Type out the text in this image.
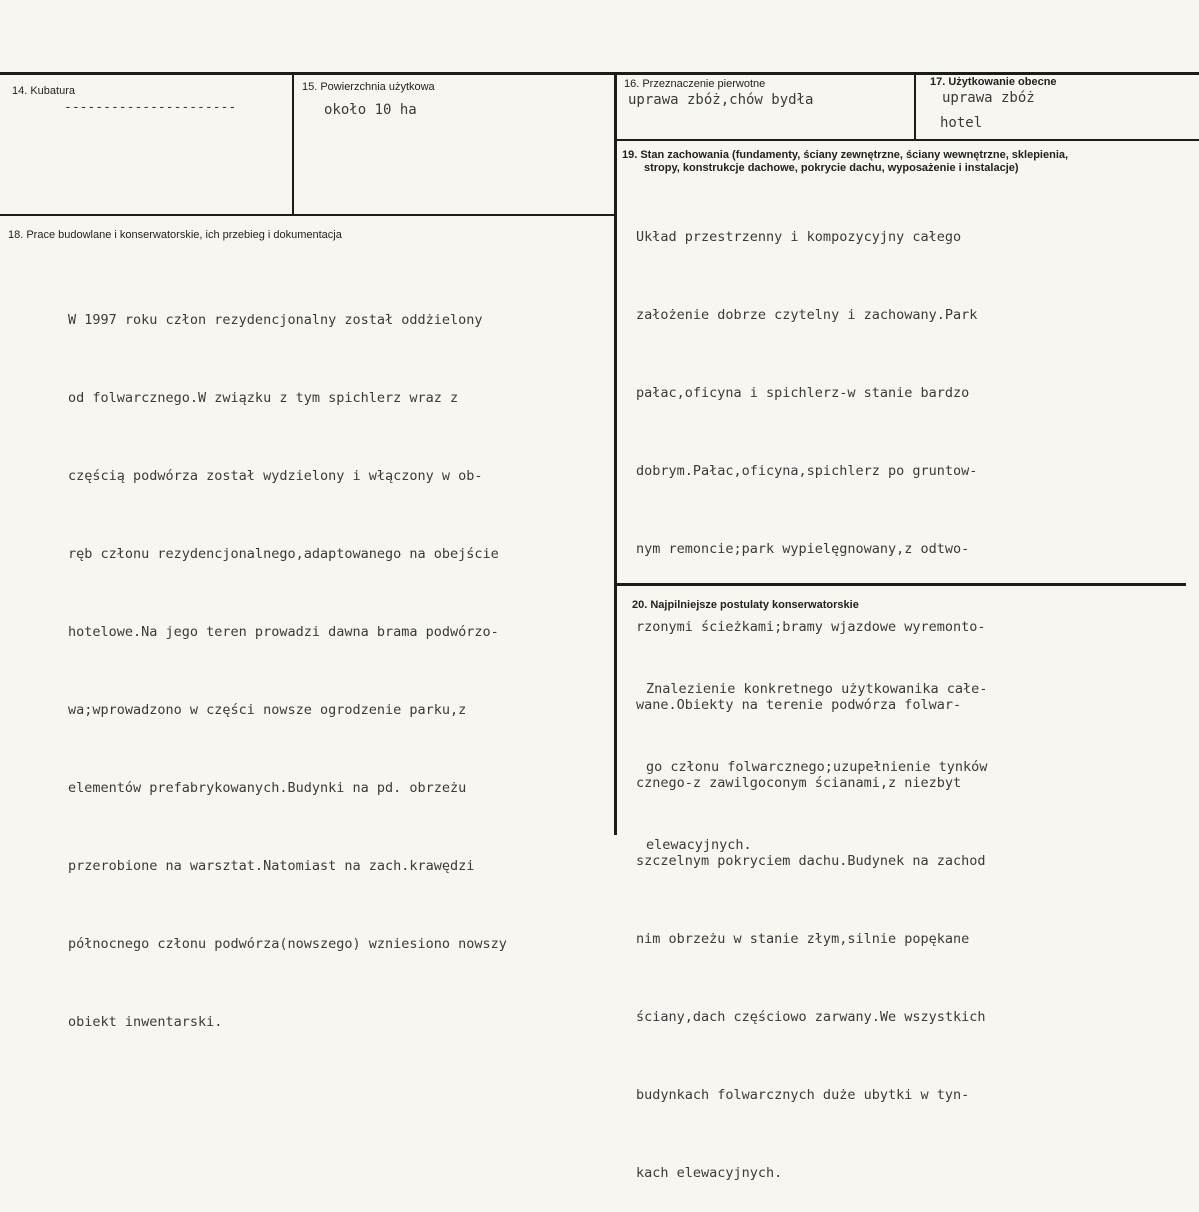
14. Kubatura
----------------------
15. Powierzchnia użytkowa
około 10 ha
16. Przeznaczenie pierwotne
uprawa zbóż,chów bydła
17. Użytkowanie obecne
uprawa zbóż
hotel
18. Prace budowlane i konserwatorskie, ich przebieg i dokumentacja

W 1997 roku człon rezydencjonalny został oddżielony

od folwarcznego.W związku z tym spichlerz wraz z

częścią podwórza został wydzielony i włączony w ob-

ręb członu rezydencjonalnego,adaptowanego na obejście

hotelowe.Na jego teren prowadzi dawna brama podwórzo-

wa;wprowadzono w części nowsze ogrodzenie parku,z

elementów prefabrykowanych.Budynki na pd. obrzeżu

przerobione na warsztat.Natomiast na zach.krawędzi

północnego członu podwórza(nowszego) wzniesiono nowszy

obiekt inwentarski.

19. Stan zachowania (fundamenty, ściany zewnętrzne, ściany wewnętrzne, sklepienia,
stropy, konstrukcje dachowe, pokrycie dachu, wyposażenie i instalacje)

Układ przestrzenny i kompozycyjny całego

założenie dobrze czytelny i zachowany.Park

pałac,oficyna i spichlerz-w stanie bardzo

dobrym.Pałac,oficyna,spichlerz po gruntow-

nym remoncie;park wypielęgnowany,z odtwo-

rzonymi ścieżkami;bramy wjazdowe wyremonto-

wane.Obiekty na terenie podwórza folwar-

cznego-z zawilgoconym ścianami,z niezbyt

szczelnym pokryciem dachu.Budynek na zachod

nim obrzeżu w stanie złym,silnie popękane

ściany,dach częściowo zarwany.We wszystkich

budynkach folwarcznych duże ubytki w tyn-

kach elewacyjnych.

20. Najpilniejsze postulaty konserwatorskie

Znalezienie konkretnego użytkowanika całe-

go członu folwarcznego;uzupełnienie tynków

elewacyjnych.
